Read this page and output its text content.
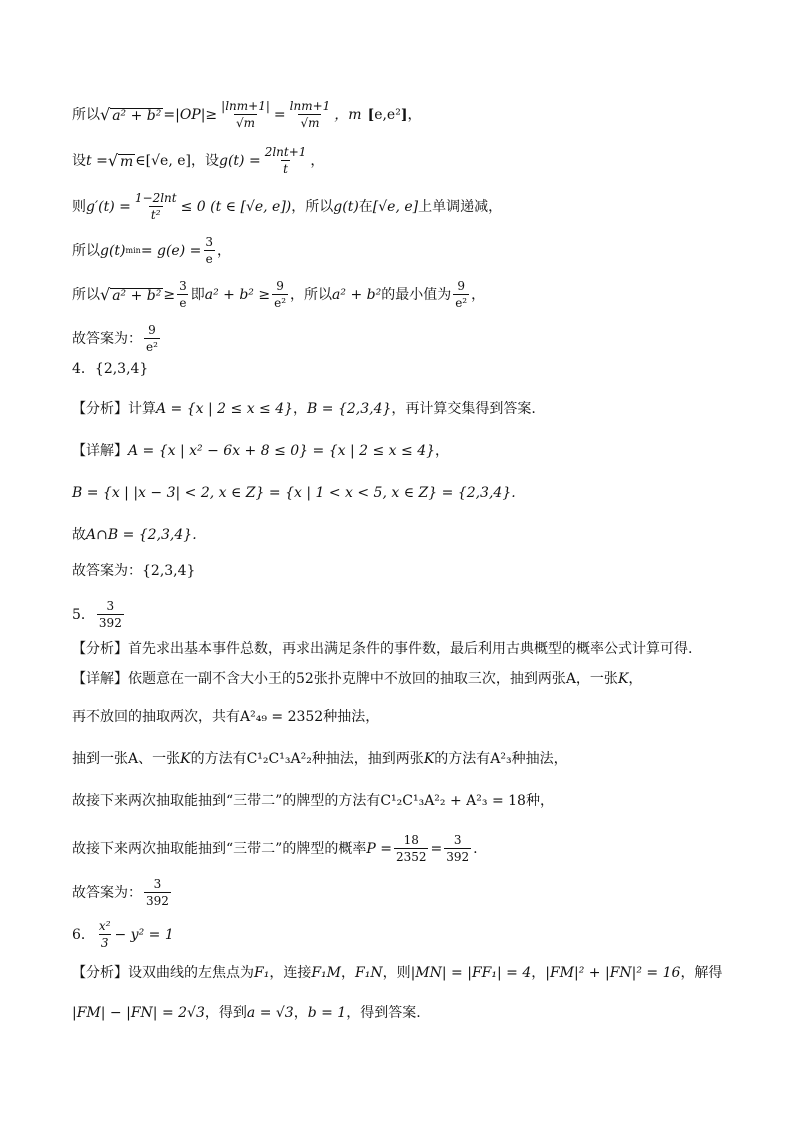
所以 √ $a^2 + b^2 =|OP|\ge \frac{|\ln m+1|}{√m} = \frac{\ln m+1}{√m}$ ，m [ e,e² ] ，
设 t = √ m ∈[√e, e]，设 $g(t) = \frac{2\ln t+1}{t}$ ，
则 $g'(t) = \frac{1-2\ln t}{\text{t²}} \le 0$ (t ∈ [√e, e]) ，所以 g(t) 在 [√e, e] 上单调递减，
所以 g(t) $\min = g(e) = \frac{3}{e}$ ，
所以 √ $a^2 + b^2 \ge \frac{3}{e}$ 即 $a^2 + b^2 \ge \frac{9}{\text{e²}}$ ，所以 a² + b² 的最小值为 $\frac{9}{\text{e²}}$ ，
故答案为： $\frac{9}{\text{e²}}$
4．{2,3,4}
【分析】 计算 A = {x | 2 ≤ x ≤ 4} ， B = {2,3,4} ，再计算交集得到答案.
【详解】 A = {x | x² − 6x + 8 ≤ 0} = {x | 2 ≤ x ≤ 4} ，
B = {x | |x − 3| < 2, x ∈ Z} = {x | 1 < x < 5, x ∈ Z} = {2,3,4}.
故 A∩B = {2,3,4}.
故答案为：{2,3,4}
5． $\frac{3}{392}$
【分析】 首先求出基本事件总数，再求出满足条件的事件数，最后利用古典概型的概率公式计算可得.
【详解】 依题意在一副不含大小王的52张扑克牌中不放回的抽取三次，抽到两张A，一张 K ，
再不放回的抽取两次，共有 A²₄₉ = 2352 种抽法，
抽到一张A、一张 K 的方法有 C¹₂C¹₃A²₂ 种抽法，抽到两张 K 的方法有 A²₃ 种抽法，
故接下来两次抽取能抽到“三带二”的牌型的方法有 C¹₂C¹₃A²₂ + A²₃ = 18 种，
故接下来两次抽取能抽到“三带二”的牌型的概率 $P = \frac{18}{2352} = \frac{3}{392}$ .
故答案为： $\frac{3}{392}$
6． $\frac{\text{x²}}{3} - y^2 = 1$
【分析】 设双曲线的左焦点为 F₁ ，连接 F₁M ， F₁N ，则 |MN| = |FF₁| = 4 ， |FM|² + |FN|² = 16 ，解得
|FM| − |FN| = 2√3 ，得到 a = √3 ， b = 1 ，得到答案.
